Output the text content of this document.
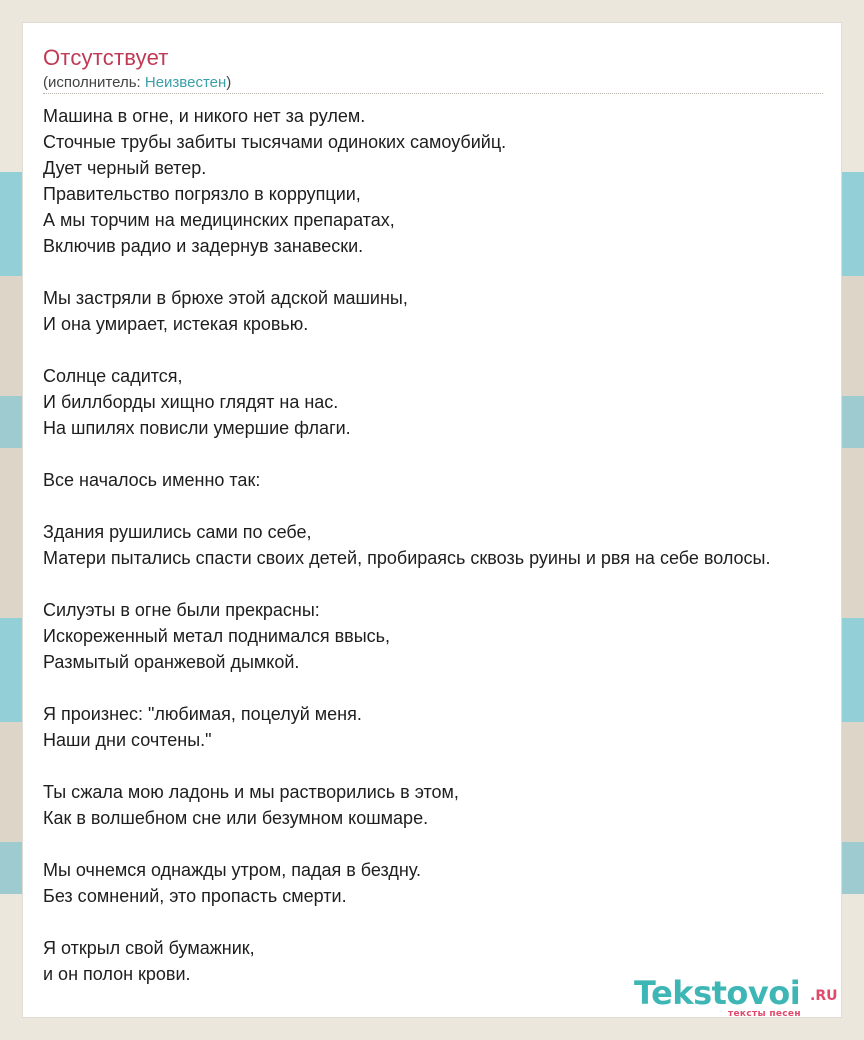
Отсутствует
(исполнитель: Неизвестен)
Машина в огне, и никого нет за рулем.
Сточные трубы забиты тысячами одиноких самоубийц.
Дует черный ветер.
Правительство погрязло в коррупции,
А мы торчим на медицинских препаратах,
Включив радио и задернув занавески.
Мы застряли в брюхе этой адской машины,
И она умирает, истекая кровью.
Солнце садится,
И биллборды хищно глядят на нас.
На шпилях повисли умершие флаги.
Все началось именно так:
Здания рушились сами по себе,
Матери пытались спасти своих детей, пробираясь сквозь руины и рвя на себе волосы.
Силуэты в огне были прекрасны:
Искореженный метал поднимался ввысь,
Размытый оранжевой дымкой.
Я произнес: "любимая, поцелуй меня.
Наши дни сочтены."
Ты сжала мою ладонь и мы растворились в этом,
Как в волшебном сне или безумном кошмаре.
Мы очнемся однажды утром, падая в бездну.
Без сомнений, это пропасть смерти.
Я открыл свой бумажник,
и он полон крови.	Tekstovoi .RU
тексты песен
